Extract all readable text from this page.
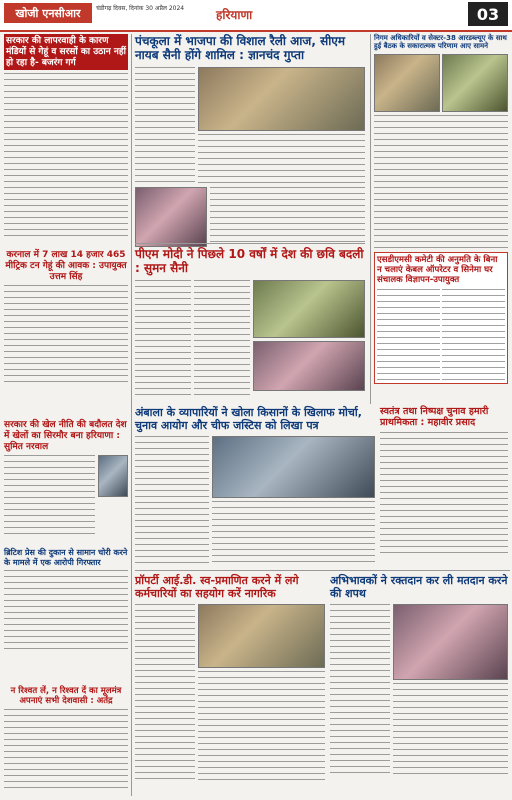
खोजी एनसीआर	चंडीगढ़ दिवस, दिनांक 30 अप्रैल 2024	हरियाणा	03
सरकार की लापरवाही के कारण मंडियों से गेहूं व सरसों का उठान नहीं हो रहा है- बजरंग गर्ग
करनाल में 7 लाख 14 हजार 465 मीट्रिक टन गेहूं की आवक : उपायुक्त उत्तम सिंह
सरकार की खेल नीति की बदौलत देश में खेलों का सिरमौर बना हरियाणा : सुमित नरवाल
ब्रिटिश प्रेस की दुकान से सामान चोरी करने के मामले में एक आरोपी गिरफ्तार
न रिश्वत लें, न रिश्वत दें का मूलमंत्र अपनाएं सभी देशवासी : अतेंद्र
पंचकूला में भाजपा की विशाल रैली आज, सीएम नायब सैनी होंगे शामिल : ज्ञानचंद गुप्ता
पीएम मोदी ने पिछले 10 वर्षों में देश की छवि बदली : सुमन सैनी
अंबाला के व्यापारियों ने खोला किसानों के खिलाफ मोर्चा, चुनाव आयोग और चीफ जस्टिस को लिखा पत्र
प्रॉपर्टी आई.डी. स्व-प्रमाणित करने में लगे कर्मचारियों का सहयोग करें नागरिक
निगम अधिकारियों व सेक्टर-38 आरडब्ल्यूए के साथ हुई बैठक के सकारात्मक परिणाम आए सामने
एसडीएमसी कमेटी की अनुमति के बिना न चलाएं केबल ऑपरेटर व सिनेमा घर संचालक विज्ञापन-उपायुक्त
स्वतंत्र तथा निष्पक्ष चुनाव हमारी प्राथमिकता : महावीर प्रसाद
अभिभावकों ने रक्तदान कर ली मतदान करने की शपथ
